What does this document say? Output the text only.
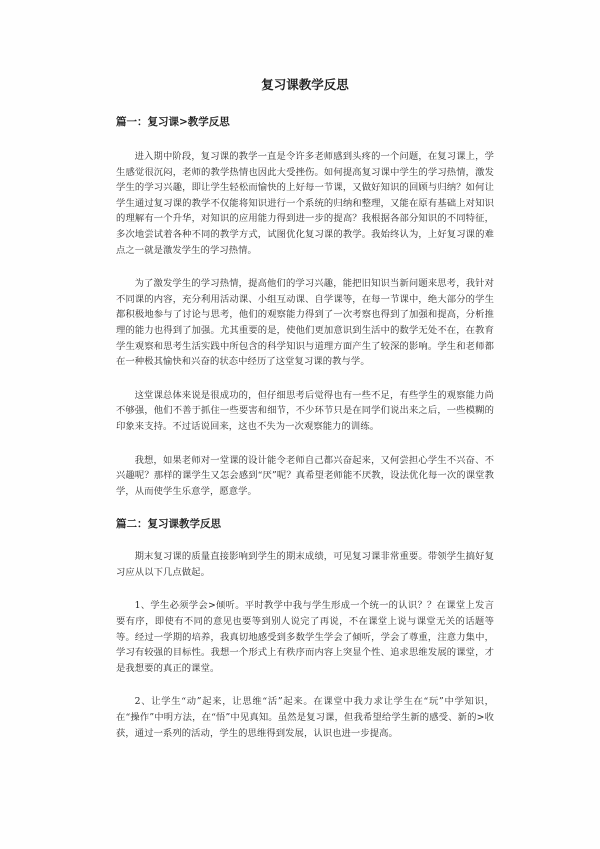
复习课教学反思
篇一：复习课>教学反思

进入期中阶段，复习课的教学一直是令许多老师感到头疼的一个问题，在复习课上，学生感觉很沉闷，老师的教学热情也因此大受挫伤。如何提高复习课中学生的学习热情，激发学生的学习兴趣，即让学生轻松而愉快的上好每一节课，又做好知识的回顾与归纳？如何让学生通过复习课的教学不仅能将知识进行一个系统的归纳和整理，又能在原有基础上对知识的理解有一个升华，对知识的应用能力得到进一步的提高？我根据各部分知识的不同特征，多次地尝试着各种不同的教学方式，试图优化复习课的教学。我始终认为，上好复习课的难点之一就是激发学生的学习热情。

为了激发学生的学习热情，提高他们的学习兴趣，能把旧知识当新问题来思考，我针对不同课的内容，充分利用活动课、小组互动课、自学课等，在每一节课中，绝大部分的学生都积极地参与了讨论与思考，他们的观察能力得到了一次考察也得到了加强和提高，分析推理的能力也得到了加强。尤其重要的是，使他们更加意识到生活中的数学无处不在，在教育学生观察和思考生活实践中所包含的科学知识与道理方面产生了较深的影响。学生和老师都在一种极其愉快和兴奋的状态中经历了这堂复习课的教与学。

这堂课总体来说是很成功的，但仔细思考后觉得也有一些不足，有些学生的观察能力尚不够强，他们不善于抓住一些要害和细节，不少环节只是在同学们说出来之后，一些模糊的印象来支持。不过话说回来，这也不失为一次观察能力的训练。

我想，如果老师对一堂课的设计能令老师自己都兴奋起来，又何尝担心学生不兴奋、不兴趣呢？那样的课学生又怎会感到“厌”呢？真希望老师能不厌教，设法优化每一次的课堂教学，从而使学生乐意学，愿意学。

篇二：复习课教学反思

期末复习课的质量直接影响到学生的期末成绩，可见复习课非常重要。带领学生搞好复习应从以下几点做起。

1、学生必须学会>倾听。平时教学中我与学生形成一个统一的认识？？在课堂上发言要有序，即使有不同的意见也要等到别人说完了再说，不在课堂上说与课堂无关的话题等等。经过一学期的培养，我真切地感受到多数学生学会了倾听，学会了尊重，注意力集中，学习有较强的目标性。我想一个形式上有秩序而内容上突显个性、追求思维发展的课堂，才是我想要的真正的课堂。

2、让学生“动”起来，让思维“活”起来。在课堂中我力求让学生在“玩”中学知识，在“操作”中明方法，在“悟”中见真知。虽然是复习课，但我希望给学生新的感受、新的>收获，通过一系列的活动，学生的思维得到发展，认识也进一步提高。
